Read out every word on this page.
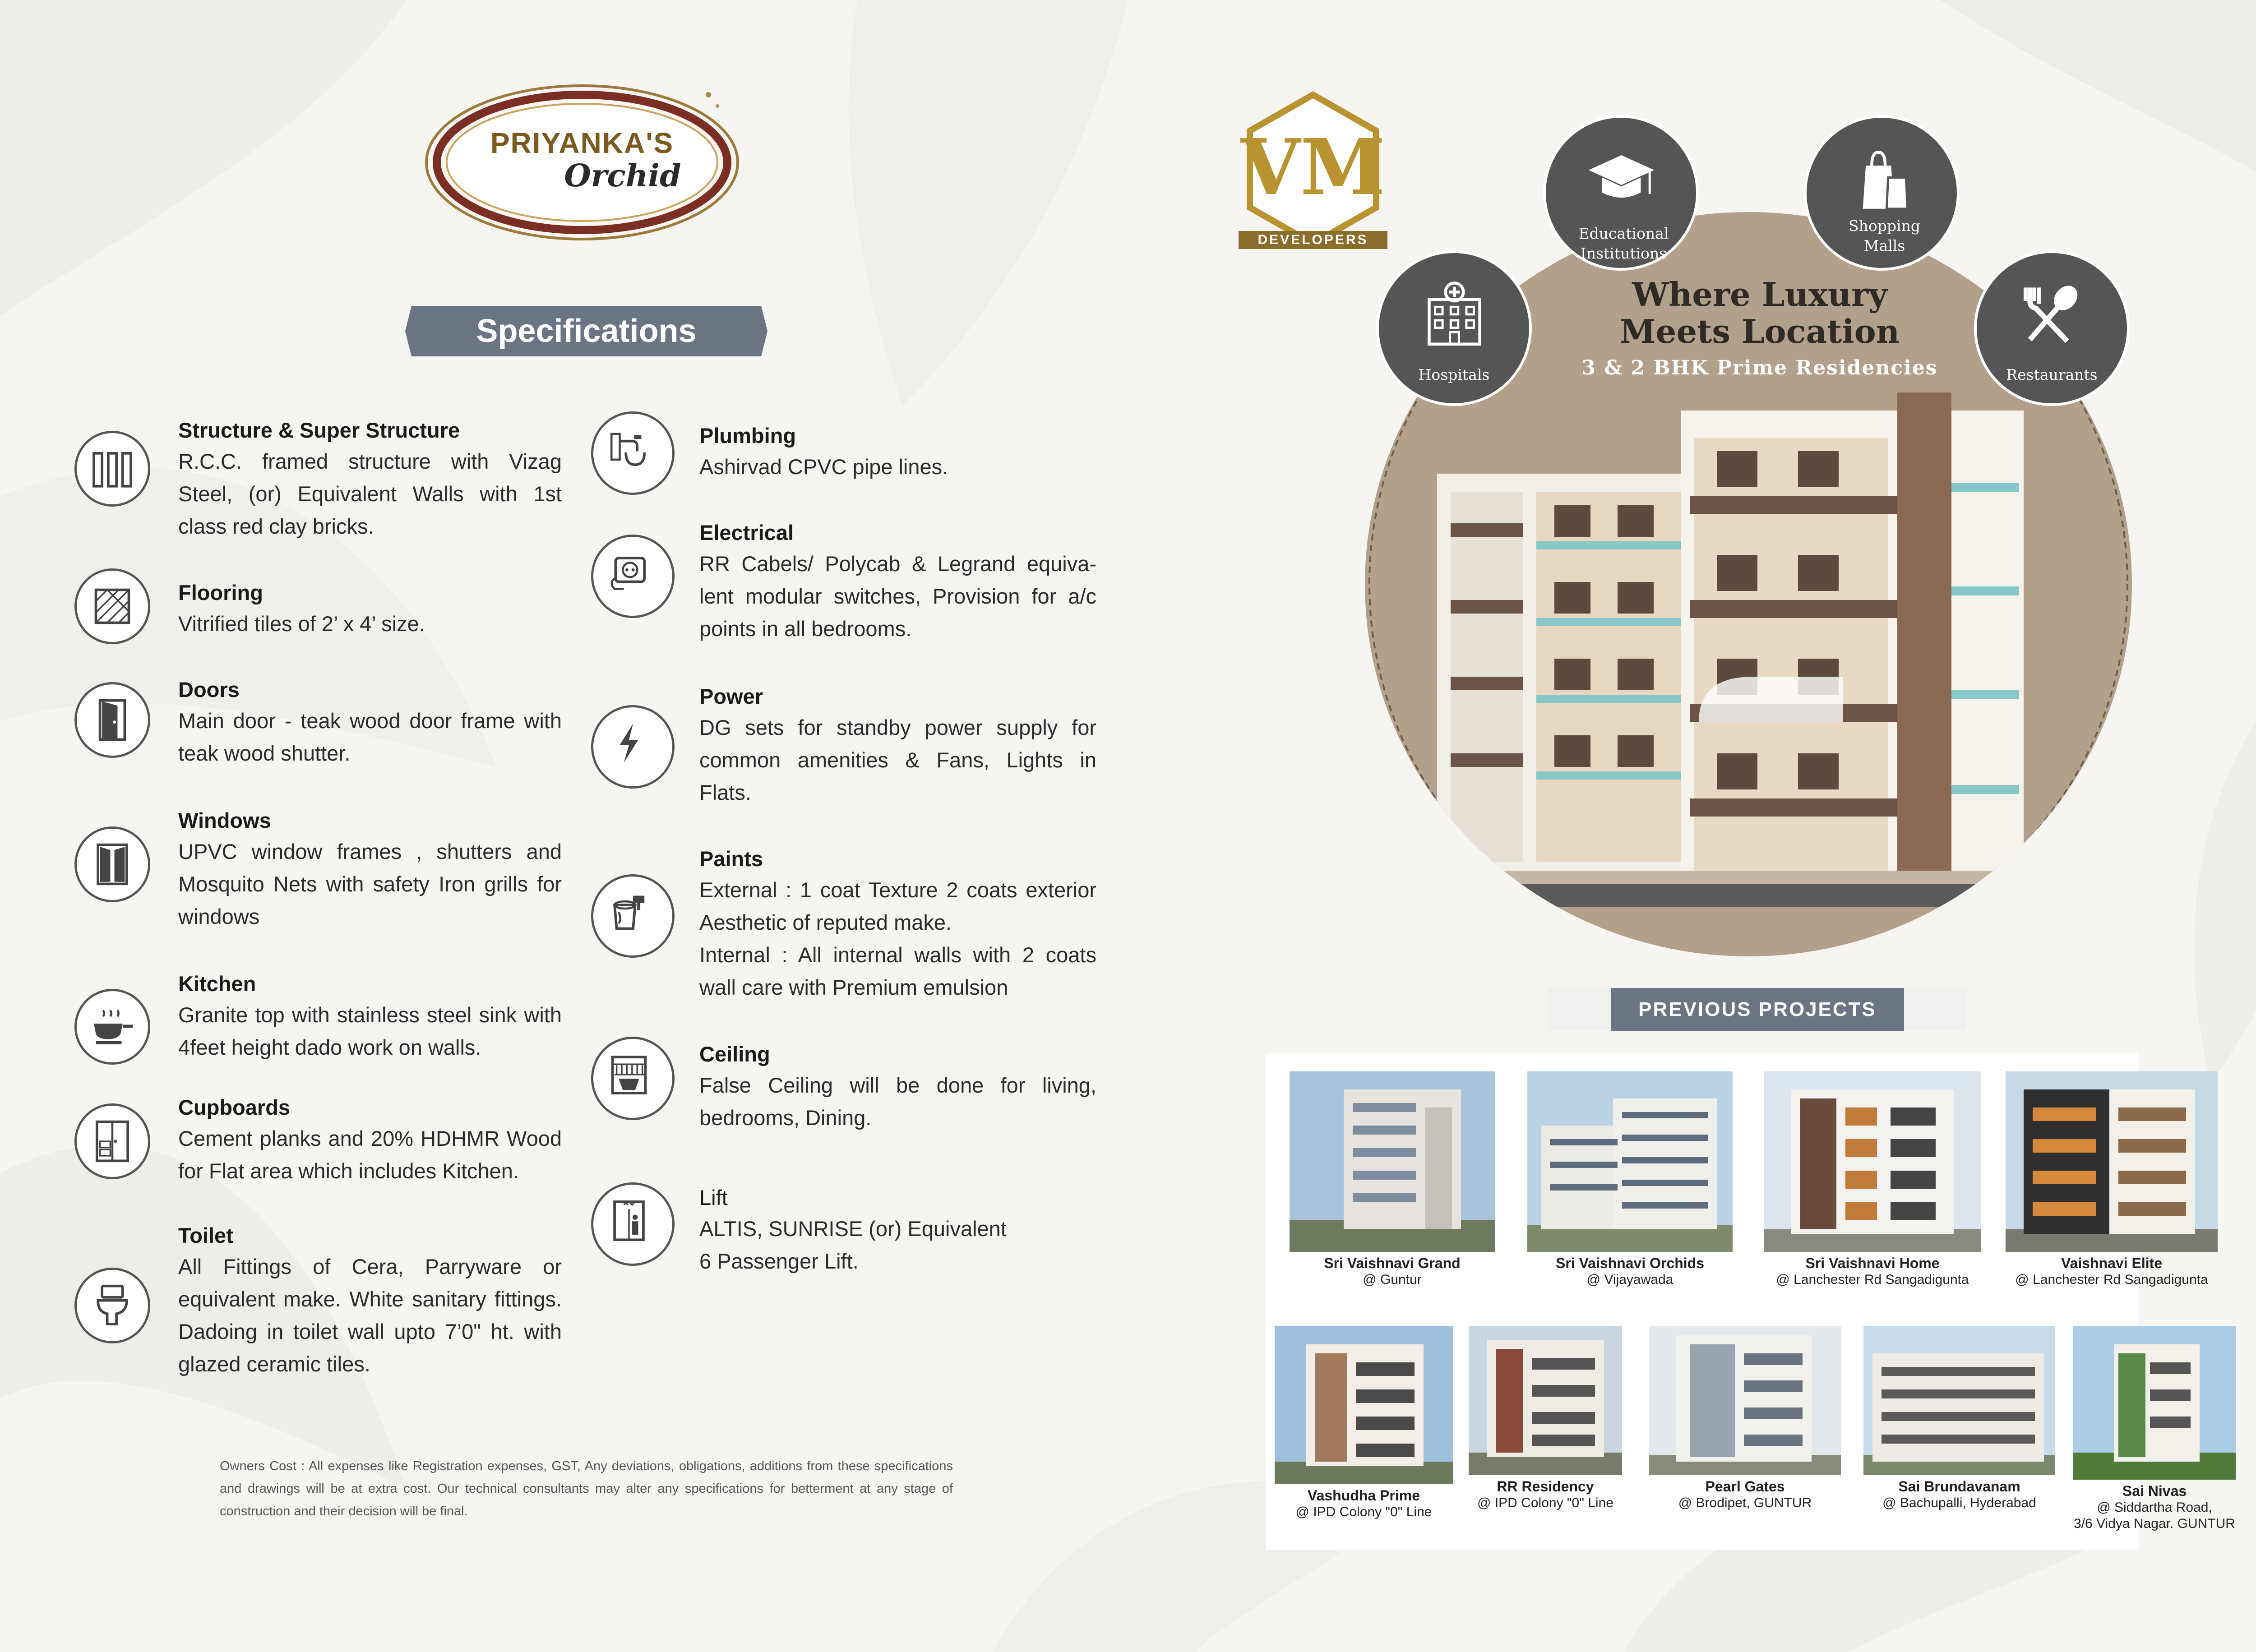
PRIYANKA'S
Orchid
Specifications
Structure & Super Structure

R.C.C. framed structure with Vizag Steel, (or) Equivalent Walls with 1st class red clay bricks.

Flooring

Vitrified tiles of 2’ x 4’ size.

Doors

Main door - teak wood door frame with teak wood shutter.

Windows

UPVC window frames , shutters and Mosquito Nets with safety Iron grills for windows

Kitchen

Granite top with stainless steel sink with 4feet height dado work on walls.

Cupboards

Cement planks and 20% HDHMR Wood for Flat area which includes Kitchen.

Toilet

All Fittings of Cera, Parryware or equivalent make. White sanitary fittings. Dadoing in toilet wall upto 7’0" ht. with glazed ceramic tiles.

Plumbing

Ashirvad CPVC pipe lines.

Electrical

RR Cabels/ Polycab & Legrand equiva-lent modular switches, Provision for a/c points in all bedrooms.

Power

DG sets for standby power supply for common amenities & Fans, Lights in Flats.

Paints

External : 1 coat Texture 2 coats exterior Aesthetic of reputed make.

Internal : All internal walls with 2 coats wall care with Premium emulsion

Ceiling

False Ceiling will be done for living, bedrooms, Dining.

Lift

ALTIS, SUNRISE (or) Equivalent 6 Passenger Lift.

Owners Cost : All expenses like Registration expenses, GST, Any deviations, obligations, additions from these specifications and drawings will be at extra cost. Our technical consultants may alter any specifications for betterment at any stage of construction and their decision will be final.
VM
DEVELOPERS	Educational Institutions
Shopping Malls
Hospitals	Restaurants
Where Luxury
Meets Location
3 & 2 BHK Prime Residencies
PREVIOUS PROJECTS
Sri Vaishnavi Grand
@ Guntur
Sri Vaishnavi Orchids
@ Vijayawada
Sri Vaishnavi Home
@ Lanchester Rd Sangadigunta
Vaishnavi Elite
@ Lanchester Rd Sangadigunta
Vashudha Prime
@ IPD Colony "0" Line
RR Residency
@ IPD Colony "0" Line
Pearl Gates
@ Brodipet, GUNTUR
Sai Brundavanam
@ Bachupalli, Hyderabad
Sai Nivas
@ Siddartha Road,
3/6 Vidya Nagar. GUNTUR
